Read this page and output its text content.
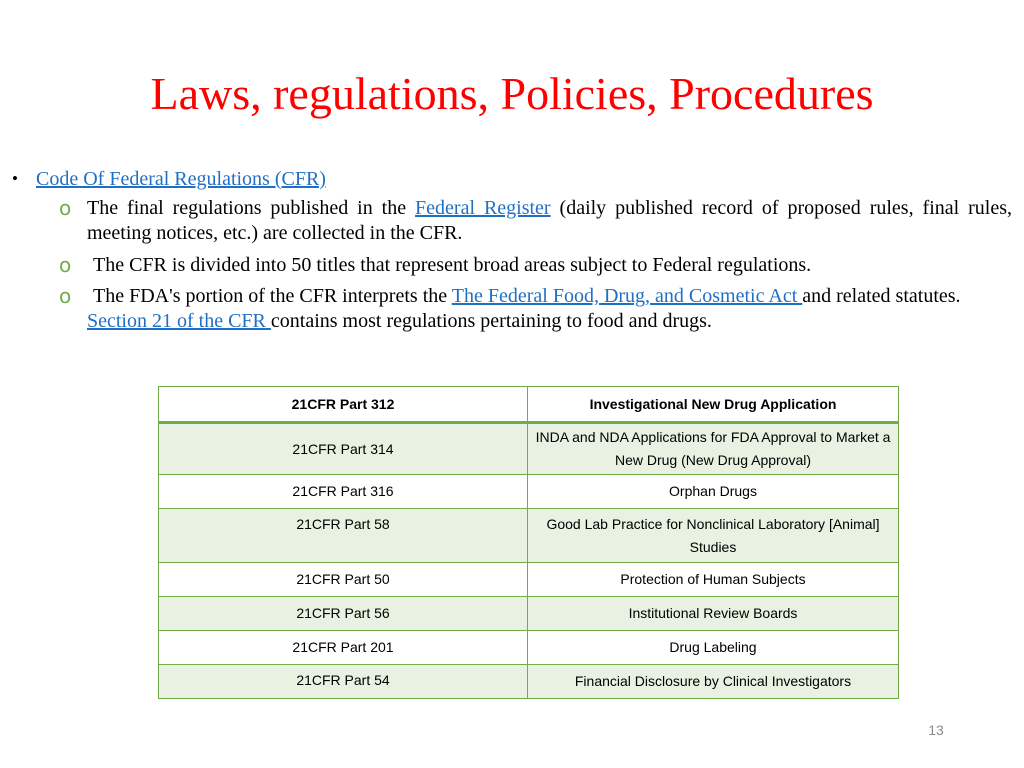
Laws, regulations, Policies, Procedures
• Code Of Federal Regulations (CFR)
o The final regulations published in the Federal Register (daily published record of proposed rules, final rules, meeting notices, etc.) are collected in the CFR.
o The CFR is divided into 50 titles that represent broad areas subject to Federal regulations.
o	The FDA's portion of the CFR interprets the The Federal Food, Drug, and Cosmetic Act and related statutes. Section 21 of the CFR contains most regulations pertaining to food and drugs.
21CFR Part 312	Investigational New Drug Application
21CFR Part 314	INDA and NDA Applications for FDA Approval to Market a New Drug (New Drug Approval)
21CFR Part 316	Orphan Drugs
21CFR Part 58	Good Lab Practice for Nonclinical Laboratory [Animal] Studies
21CFR Part 50	Protection of Human Subjects
21CFR Part 56	Institutional Review Boards
21CFR Part 201	Drug Labeling
21CFR Part 54	Financial Disclosure by Clinical Investigators
13
